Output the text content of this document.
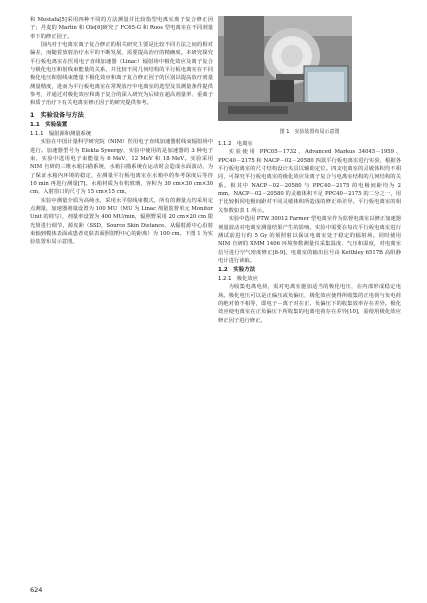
和 Mostafa[5]采用四种不同的方法测量并比较指型电离室离子复合修正因子；丹麦的 Martin 和 Ole[6]研究了 FC65-G 和 Roos 型电离室在不同剂量率下的修正因子。

国内对于电离室离子复合修正的相关研究主要是比较不同方法之间的相对偏差，而随着放射治疗水平的不断发展，需要提高治疗的精确度。本研究探究平行板电离室在医用电子直线加速器（Linac）辐射场中极化效应及离子复合与极化电压和射线束能量的关系，并比较不同几何结构的平行板电离室在不同极化电压和射线束能量下极化效应和离子复合修正因子的区别以提高放疗剂量测量精度，进而为平行板电离室在常规放疗中电离室的选型及其测量条件提供参考，并通过对极化效应和离子复合的深入研究为后续在超高剂量率、重离子和质子治疗下有关电离室修正因子的研究提供参考。

1　实验设备与方法
1.1　实验装置
1.1.1　辐射源和测量系统

实验在中国计量科学研究院（NIM）医用电子直线加速器射线束辐射场中进行。加速器型号为 Elekta Synergy，实验中使用的是加速器的 3 种电子束，实验中选用电子束能量为 6 MeV、12 MeV 和 18 MeV。实验采用 NIM 自研的三维水箱扫描系统，水箱扫描系统在运动时会造成水面波动，为了保证水箱内环境的稳定，在测量平行板电离室在水箱中的参考深度后等待 10 min 再进行测量[7]。水箱材质为有机玻璃，容积为 30 cm×30 cm×30 cm，入射窗口的尺寸为 15 cm×15 cm。

实验中测量介质为高纯水，采用水平射线束模式，所有的测量点均采用定点测量，加速器剂量设置为 100 MU（MU 为 Linac 剂量监督单元 Monitor Unit 的简写），剂量率设置为 400 MU/min，辐照野采用 20 cm×20 cm 限光筒进行调节，源皮距（SSD，Source Skin Distance，从辐射源中心沿射束轴到模体表面或患者皮肤表面照射野中心的距离）为 100 cm。下图 1 为实验装置布局示意图。

图 1　实验装置布局示意图
1.1.2　电离室

实验使用 PPC05－1732、Advanced Markus 34045－1959、PPC40－2175 和 NACP－02－20580 四款平行板电离室进行实验，根据各平行板电离室的尺寸结构设计夹具以辅助定位。四支电离室的灵敏体积均不相同，可探究平行板电离室的极化效应及离子复合与电离室结构的几何结构的关系。相其中 NACP－02－20580 与 PPC40－2175 的电极间距均为 2 mm，NACP－02－20580 的灵敏体积不足 PPC40－2175 的二分之一，用于比较相同电极间距对不同灵敏体积所造成的修正项差异。平行板电离室的相关参数如表 1 所示。

实验中选用 PTW 30012 Farmer 型电离室作为监督电离室以修正加速器剂量波动对电离室测量结果产生的影响。实验中需要在每次平行板电离室进行测试前进行约 5 Gy 的预照射以保证电离室处于稳定的辐射场。同时使用 NIM 自研的 XMM 1406 环境参数测量仪采集温度、气压和湿度，对电离室信号进行空气密度修正[8-9]。电离室的输出信号由 Keithley 6517B 高阻静电计进行读取。

1.2　实验方法
1.2.1　极化效应

为收集电离电荷，需对电离室施加适当的极化电压，在内部形成稳定电场。极化电压可以是正偏压或负偏压，极化效应使得所收集的正电荷与负电荷的绝对值不相等，即电子－离子对在正、负偏压下的收集效率存在差异。极化效应使电离室在正负偏压下所收集的电离电荷存在差异[10]，需使用极化效应修正因子进行修正。

624
